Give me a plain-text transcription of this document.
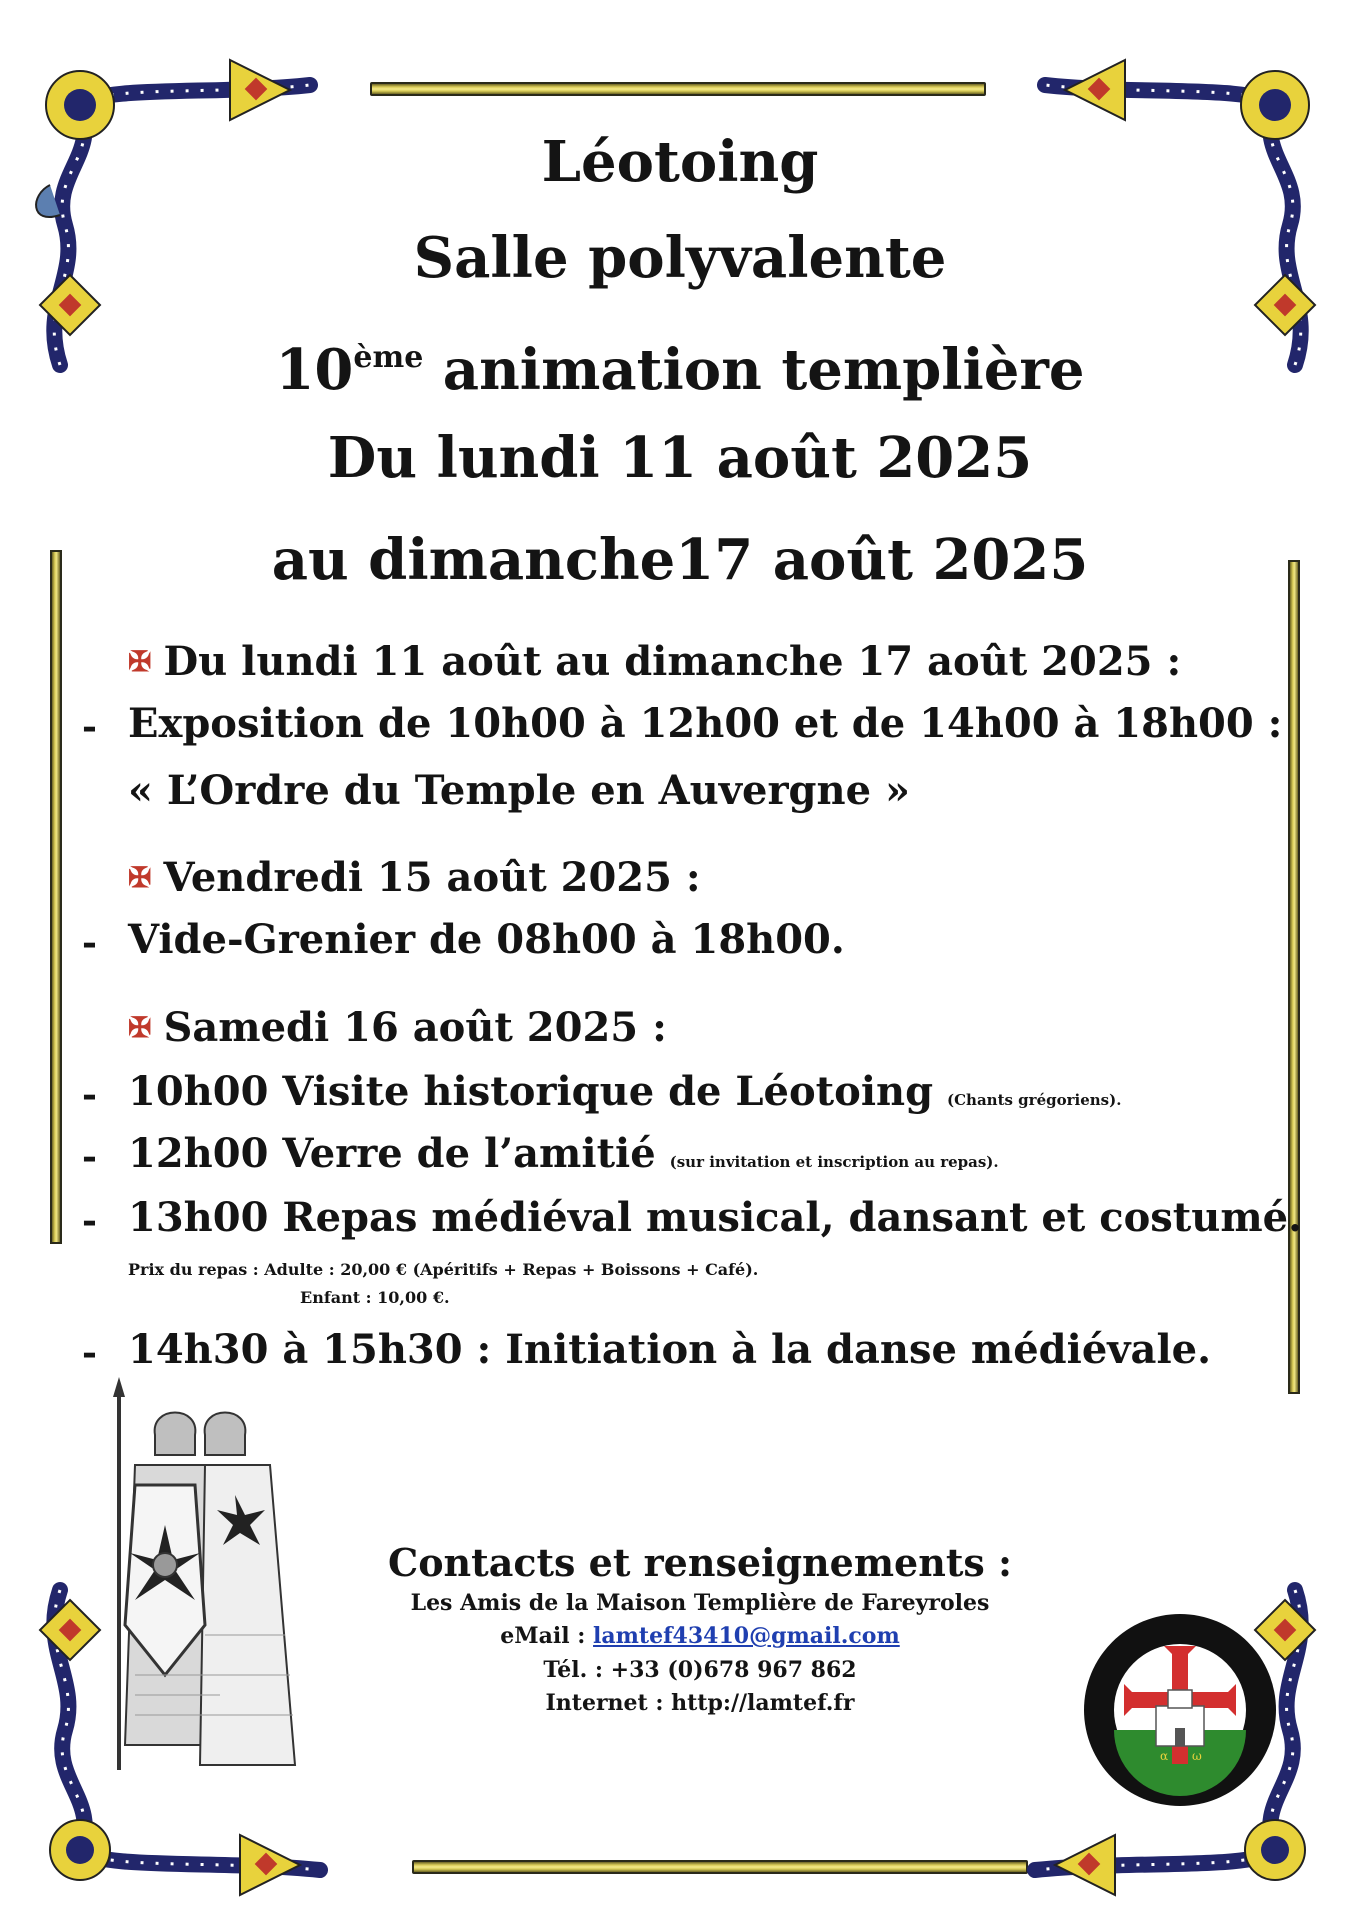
Léotoing
Salle polyvalente
10ème animation templière
Du lundi 11 août 2025
au dimanche17 août 2025
✠ Du lundi 11 août au dimanche 17 août 2025 :
- Exposition de 10h00 à 12h00 et de 14h00 à 18h00 :
« L’Ordre du Temple en Auvergne »
✠ Vendredi 15 août 2025 :
- Vide-Grenier de 08h00 à 18h00.
✠ Samedi 16 août 2025 :
- 10h00 Visite historique de Léotoing (Chants grégoriens).
- 12h00 Verre de l’amitié (sur invitation et inscription au repas).
- 13h00 Repas médiéval musical, dansant et costumé.
Prix du repas : Adulte : 20,00 € (Apéritifs + Repas + Boissons + Café).
Enfant : 10,00 €.
- 14h30 à 15h30 : Initiation à la danse médiévale.
Contacts et renseignements :
Les Amis de la Maison Templière de Fareyroles
eMail : lamtef43410@gmail.com
Tél. : +33 (0)678 967 862
Internet : http://lamtef.fr
α ω
